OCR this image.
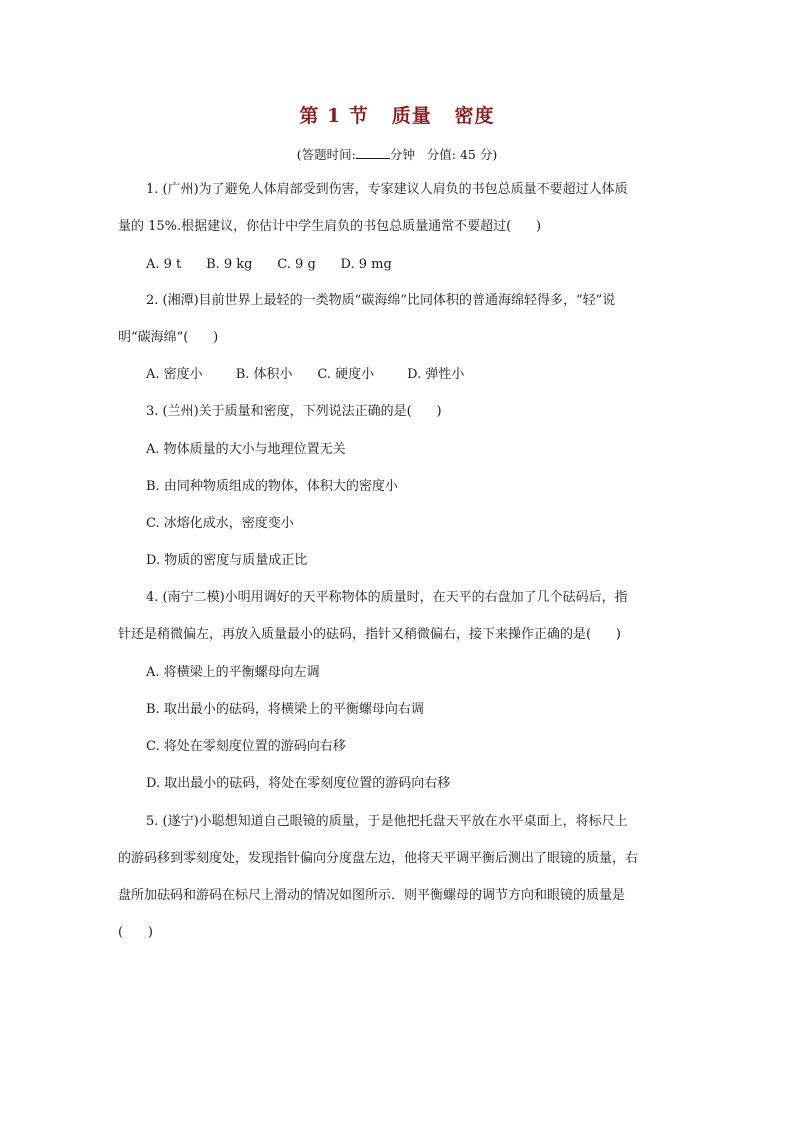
第 1 节   质量   密度
(答题时间:	分钟   分值: 45 分)
1. (广州)为了避免人体肩部受到伤害，专家建议人肩负的书包总质量不要超过人体质
量的 15%.根据建议，你估计中学生肩负的书包总质量通常不要超过(      )
A. 9 t      B. 9 kg      C. 9 g      D. 9 mg
2. (湘潭)目前世界上最轻的一类物质“碳海绵”比同体积的普通海绵轻得多，“轻”说
明“碳海绵”(      )
A. 密度小        B. 体积小      C. 硬度小        D. 弹性小
3. (兰州)关于质量和密度，下列说法正确的是(      )
A. 物体质量的大小与地理位置无关
B. 由同种物质组成的物体，体积大的密度小
C. 冰熔化成水，密度变小
D. 物质的密度与质量成正比
4. (南宁二模)小明用调好的天平称物体的质量时，在天平的右盘加了几个砝码后，指
针还是稍微偏左，再放入质量最小的砝码，指针又稍微偏右，接下来操作正确的是(      )
A. 将横梁上的平衡螺母向左调
B. 取出最小的砝码，将横梁上的平衡螺母向右调
C. 将处在零刻度位置的游码向右移
D. 取出最小的砝码，将处在零刻度位置的游码向右移
5. (遂宁)小聪想知道自己眼镜的质量，于是他把托盘天平放在水平桌面上，将标尺上
的游码移到零刻度处，发现指针偏向分度盘左边，他将天平调平衡后测出了眼镜的质量，右
盘所加砝码和游码在标尺上滑动的情况如图所示．则平衡螺母的调节方向和眼镜的质量是
(      )
